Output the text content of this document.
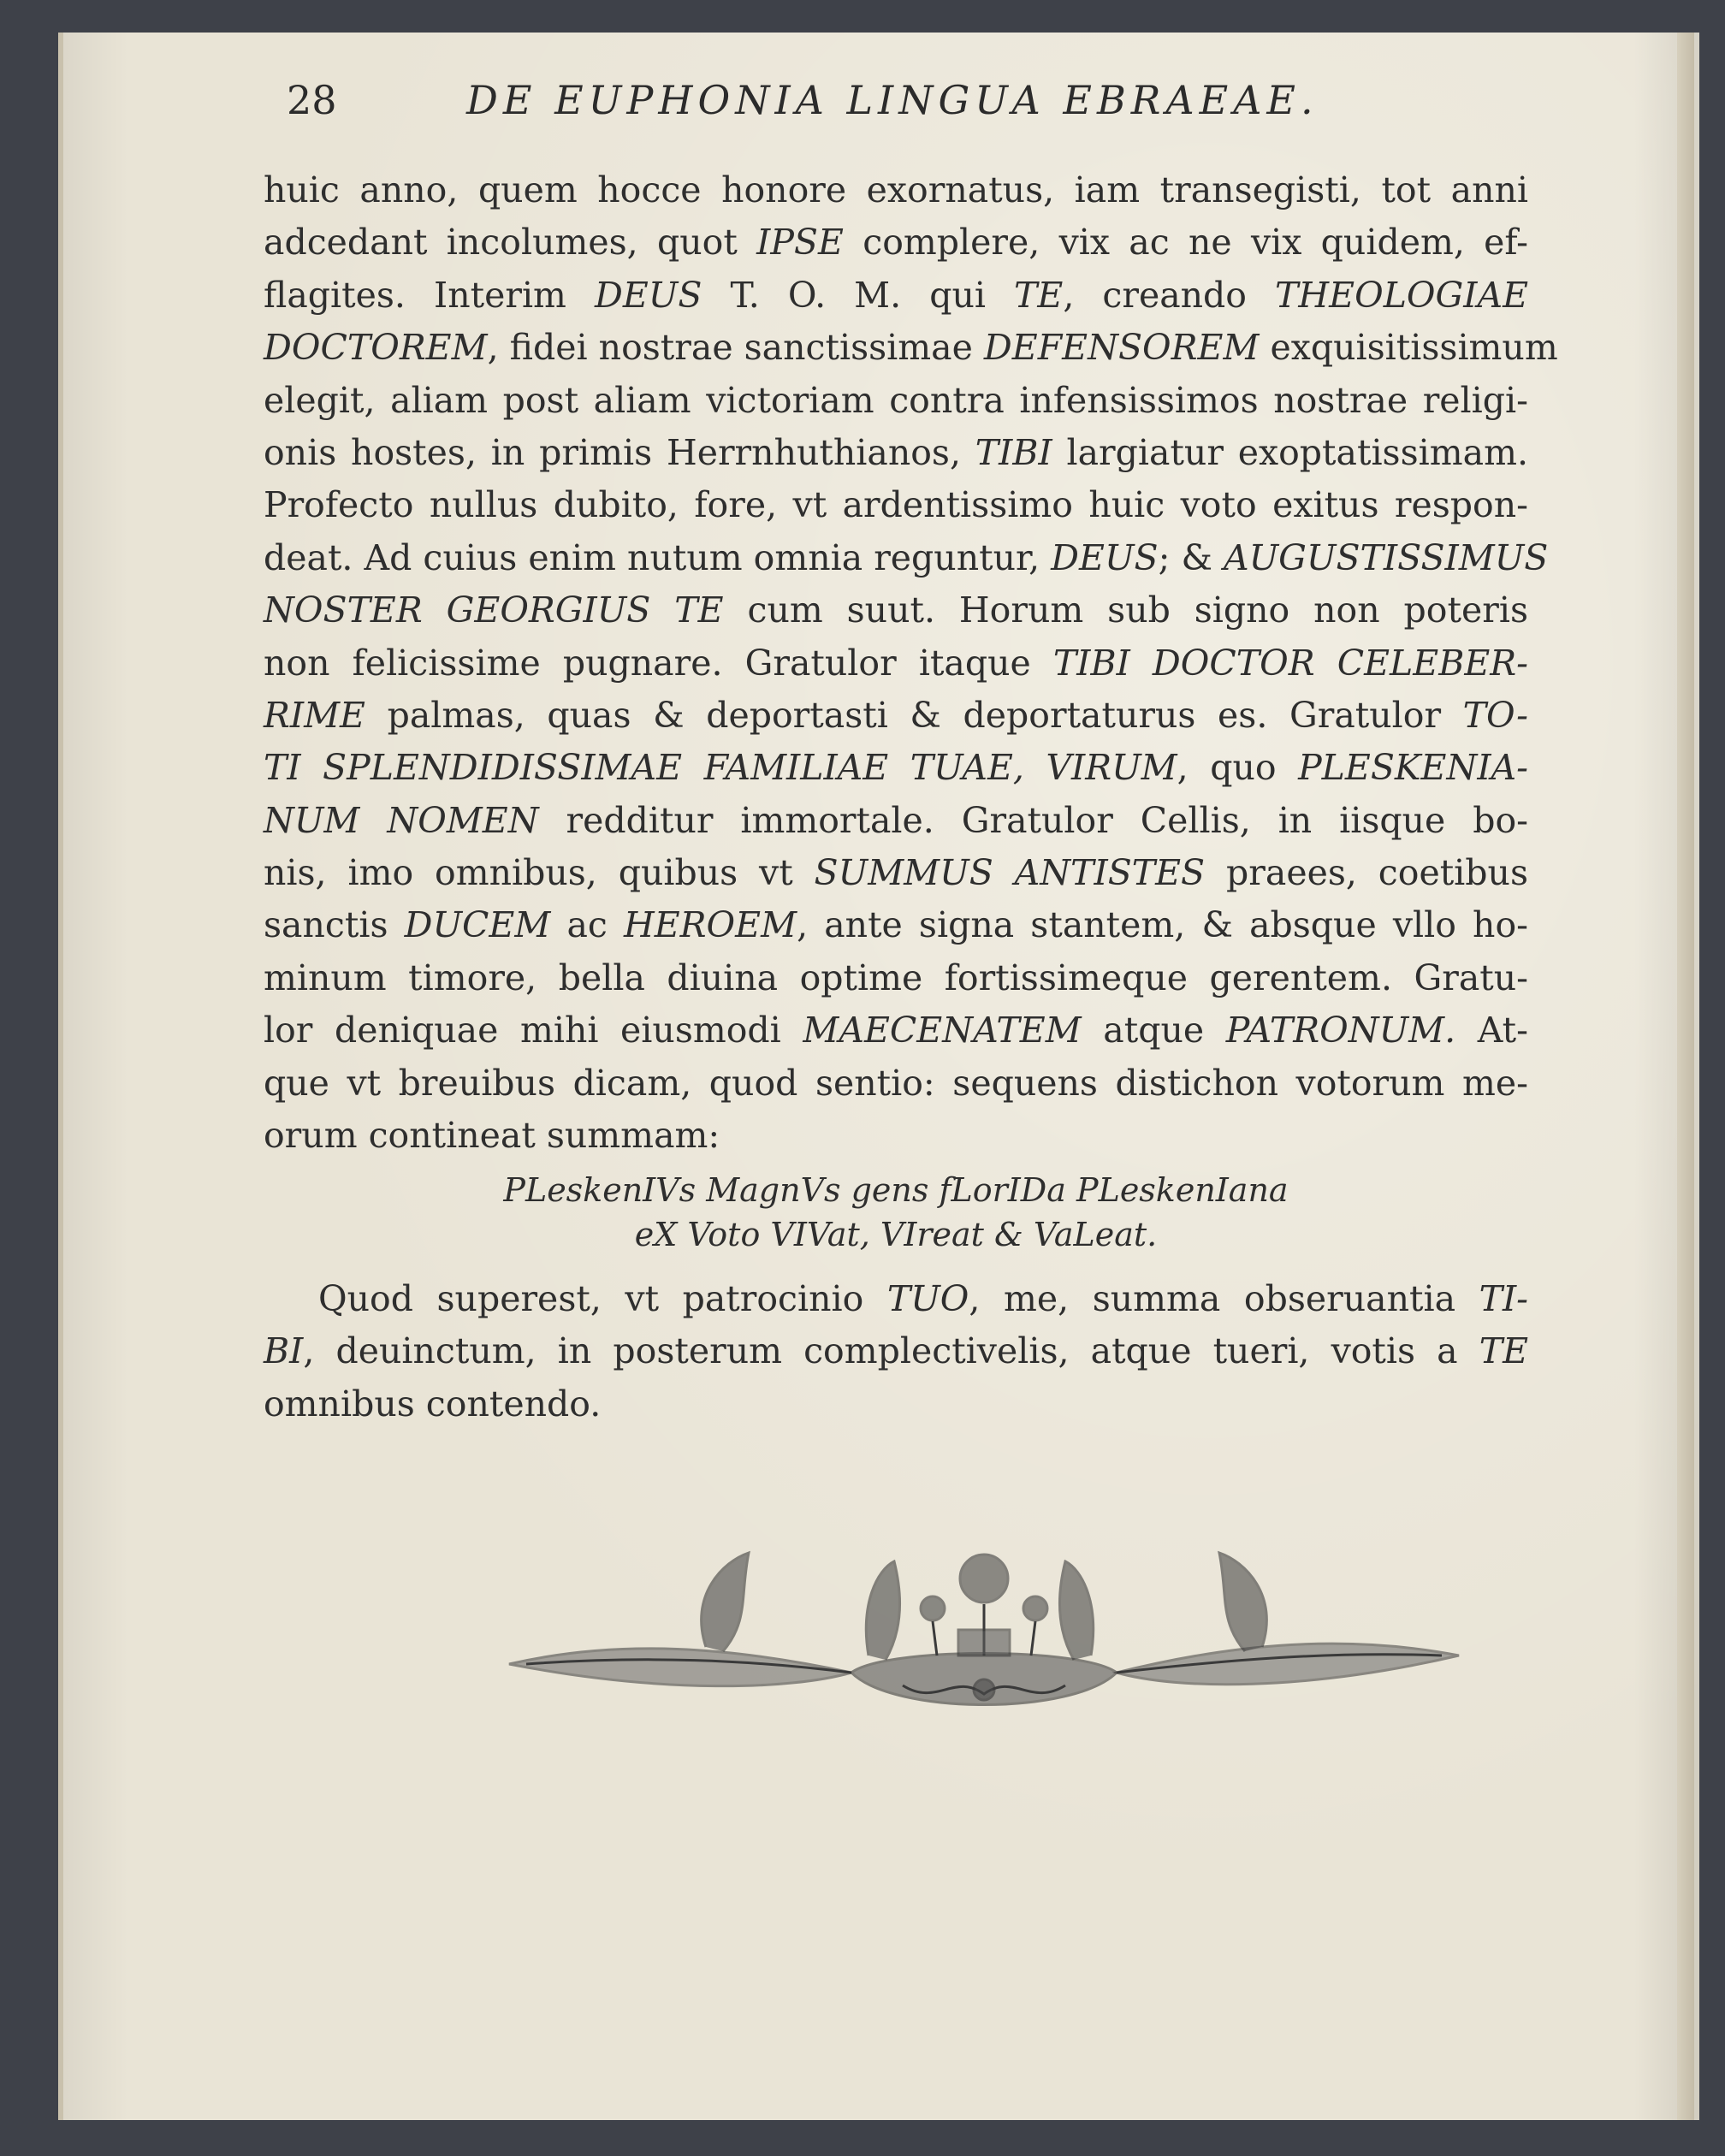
28	DE EUPHONIA LINGUA EBRAEAE.
huic anno, quem hocce honore exornatus, iam transegisti, tot anni
adcedant incolumes, quot IPSE complere, vix ac ne vix quidem, ef-
flagites. Interim DEUS T. O. M. qui TE, creando THEOLOGIAE
DOCTOREM, fidei nostrae sanctissimae DEFENSOREM exquisitissimum
elegit, aliam post aliam victoriam contra infensissimos nostrae religi-
onis hostes, in primis Herrnhuthianos, TIBI largiatur exoptatissimam.
Profecto nullus dubito, fore, vt ardentissimo huic voto exitus respon-
deat. Ad cuius enim nutum omnia reguntur, DEUS; & AUGUSTISSIMUS
NOSTER GEORGIUS TE cum suut. Horum sub signo non poteris
non felicissime pugnare. Gratulor itaque TIBI DOCTOR CELEBER-
RIME palmas, quas & deportasti & deportaturus es. Gratulor TO-
TI SPLENDIDISSIMAE FAMILIAE TUAE, VIRUM, quo PLESKENIA-
NUM NOMEN redditur immortale. Gratulor Cellis, in iisque bo-
nis, imo omnibus, quibus vt SUMMUS ANTISTES praees, coetibus
sanctis DUCEM ac HEROEM, ante signa stantem, & absque vllo ho-
minum timore, bella diuina optime fortissimeque gerentem. Gratu-
lor deniquae mihi eiusmodi MAECENATEM atque PATRONUM. At-
que vt breuibus dicam, quod sentio: sequens distichon votorum me-
orum contineat summam:
PLeskenIVs MagnVs gens fLorIDa PLeskenIana
eX Voto VIVat, VIreat & VaLeat.
Quod superest, vt patrocinio TUO, me, summa obseruantia TI-
BI, deuinctum, in posterum complectivelis, atque tueri, votis a TE
omnibus contendo.
